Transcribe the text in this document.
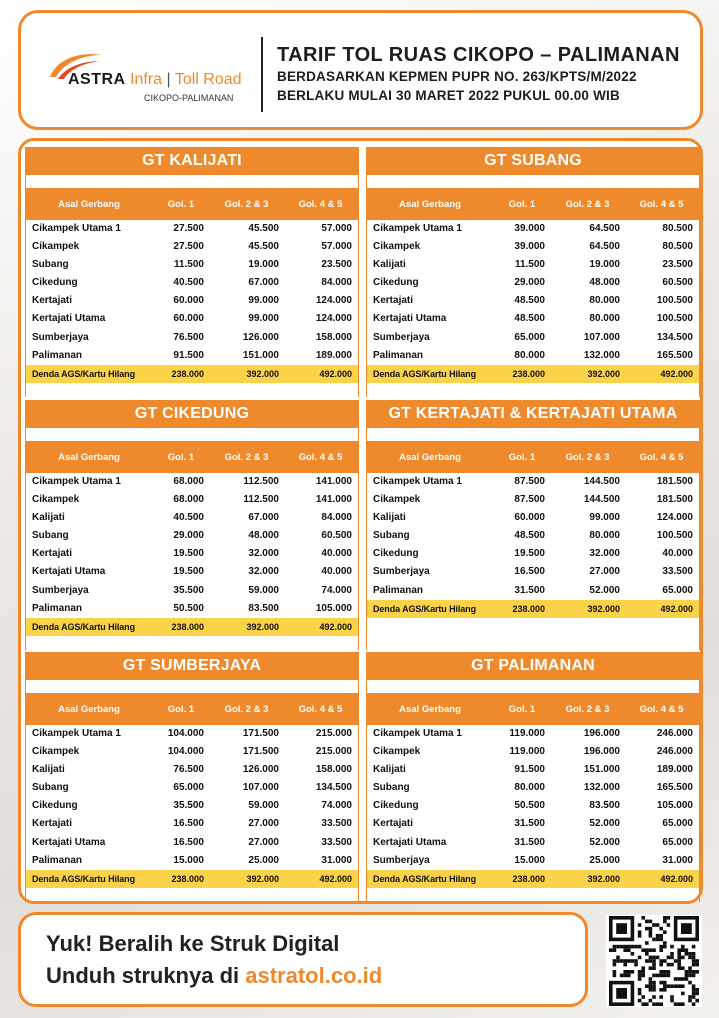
ASTRA Infra | Toll Road
CIKOPO-PALIMANAN
TARIF TOL RUAS CIKOPO – PALIMANAN
BERDASARKAN KEPMEN PUPR NO. 263/KPTS/M/2022
BERLAKU MULAI 30 MARET 2022 PUKUL 00.00 WIB
GT KALIJATI
Asal Gerbang	Gol. 1	Gol. 2 & 3	Gol. 4 & 5
Cikampek Utama 1	27.500	45.500	57.000
Cikampek	27.500	45.500	57.000
Subang	11.500	19.000	23.500
Cikedung	40.500	67.000	84.000
Kertajati	60.000	99.000	124.000
Kertajati Utama	60.000	99.000	124.000
Sumberjaya	76.500	126.000	158.000
Palimanan	91.500	151.000	189.000
Denda AGS/Kartu Hilang	238.000	392.000	492.000
GT SUBANG
Asal Gerbang	Gol. 1	Gol. 2 & 3	Gol. 4 & 5
Cikampek Utama 1	39.000	64.500	80.500
Cikampek	39.000	64.500	80.500
Kalijati	11.500	19.000	23.500
Cikedung	29.000	48.000	60.500
Kertajati	48.500	80.000	100.500
Kertajati Utama	48.500	80.000	100.500
Sumberjaya	65.000	107.000	134.500
Palimanan	80.000	132.000	165.500
Denda AGS/Kartu Hilang	238.000	392.000	492.000
GT CIKEDUNG
Asal Gerbang	Gol. 1	Gol. 2 & 3	Gol. 4 & 5
Cikampek Utama 1	68.000	112.500	141.000
Cikampek	68.000	112.500	141.000
Kalijati	40.500	67.000	84.000
Subang	29.000	48.000	60.500
Kertajati	19.500	32.000	40.000
Kertajati Utama	19.500	32.000	40.000
Sumberjaya	35.500	59.000	74.000
Palimanan	50.500	83.500	105.000
Denda AGS/Kartu Hilang	238.000	392.000	492.000
GT KERTAJATI & KERTAJATI UTAMA
Asal Gerbang	Gol. 1	Gol. 2 & 3	Gol. 4 & 5
Cikampek Utama 1	87.500	144.500	181.500
Cikampek	87.500	144.500	181.500
Kalijati	60.000	99.000	124.000
Subang	48.500	80.000	100.500
Cikedung	19.500	32.000	40.000
Sumberjaya	16.500	27.000	33.500
Palimanan	31.500	52.000	65.000
Denda AGS/Kartu Hilang	238.000	392.000	492.000
GT SUMBERJAYA
Asal Gerbang	Gol. 1	Gol. 2 & 3	Gol. 4 & 5
Cikampek Utama 1	104.000	171.500	215.000
Cikampek	104.000	171.500	215.000
Kalijati	76.500	126.000	158.000
Subang	65.000	107.000	134.500
Cikedung	35.500	59.000	74.000
Kertajati	16.500	27.000	33.500
Kertajati Utama	16.500	27.000	33.500
Palimanan	15.000	25.000	31.000
Denda AGS/Kartu Hilang	238.000	392.000	492.000
GT PALIMANAN
Asal Gerbang	Gol. 1	Gol. 2 & 3	Gol. 4 & 5
Cikampek Utama 1	119.000	196.000	246.000
Cikampek	119.000	196.000	246.000
Kalijati	91.500	151.000	189.000
Subang	80.000	132.000	165.500
Cikedung	50.500	83.500	105.000
Kertajati	31.500	52.000	65.000
Kertajati Utama	31.500	52.000	65.000
Sumberjaya	15.000	25.000	31.000
Denda AGS/Kartu Hilang	238.000	392.000	492.000
Yuk! Beralih ke Struk Digital
Unduh struknya di astratol.co.id
